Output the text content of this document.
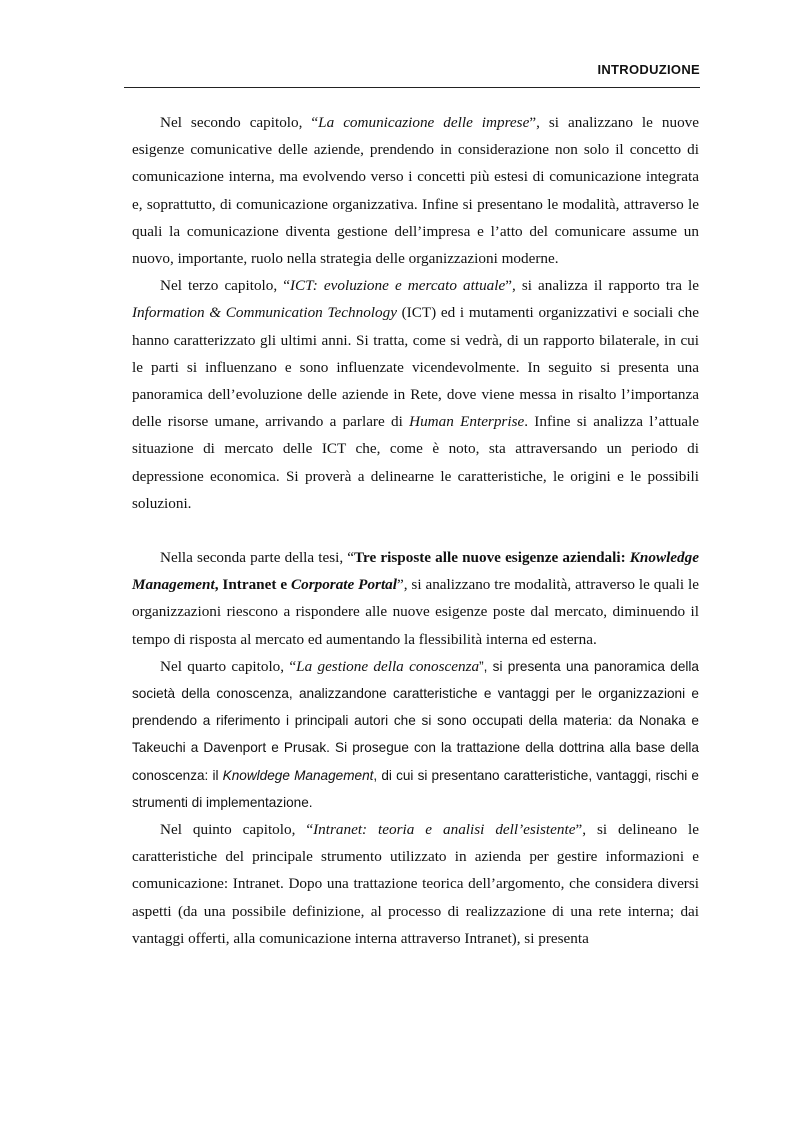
INTRODUZIONE

Nel secondo capitolo, “La comunicazione delle imprese”, si analizzano le nuove esigenze comunicative delle aziende, prendendo in considerazione non solo il concetto di comunicazione interna, ma evolvendo verso i concetti più estesi di comunicazione integrata e, soprattutto, di comunicazione organizzativa. Infine si presentano le modalità, attraverso le quali la comunicazione diventa gestione dell’impresa e l’atto del comunicare assume un nuovo, importante, ruolo nella strategia delle organizzazioni moderne.

Nel terzo capitolo, “ICT: evoluzione e mercato attuale”, si analizza il rapporto tra le Information & Communication Technology (ICT) ed i mutamenti organizzativi e sociali che hanno caratterizzato gli ultimi anni. Si tratta, come si vedrà, di un rapporto bilaterale, in cui le parti si influenzano e sono influenzate vicendevolmente. In seguito si presenta una panoramica dell’evoluzione delle aziende in Rete, dove viene messa in risalto l’importanza delle risorse umane, arrivando a parlare di Human Enterprise. Infine si analizza l’attuale situazione di mercato delle ICT che, come è noto, sta attraversando un periodo di depressione economica. Si proverà a delinearne le caratteristiche, le origini e le possibili soluzioni.

Nella seconda parte della tesi, “Tre risposte alle nuove esigenze aziendali: Knowledge Management, Intranet e Corporate Portal”, si analizzano tre modalità, attraverso le quali le organizzazioni riescono a rispondere alle nuove esigenze poste dal mercato, diminuendo il tempo di risposta al mercato ed aumentando la flessibilità interna ed esterna.

Nel quarto capitolo, “La gestione della conoscenza”, si presenta una panoramica della società della conoscenza, analizzandone caratteristiche e vantaggi per le organizzazioni e prendendo a riferimento i principali autori che si sono occupati della materia: da Nonaka e Takeuchi a Davenport e Prusak. Si prosegue con la trattazione della dottrina alla base della conoscenza: il Knowldege Management, di cui si presentano caratteristiche, vantaggi, rischi e strumenti di implementazione.

Nel quinto capitolo, “Intranet: teoria e analisi dell’esistente”, si delineano le caratteristiche del principale strumento utilizzato in azienda per gestire informazioni e comunicazione: Intranet. Dopo una trattazione teorica dell’argomento, che considera diversi aspetti (da una possibile definizione, al processo di realizzazione di una rete interna; dai vantaggi offerti, alla comunicazione interna attraverso Intranet), si presenta
